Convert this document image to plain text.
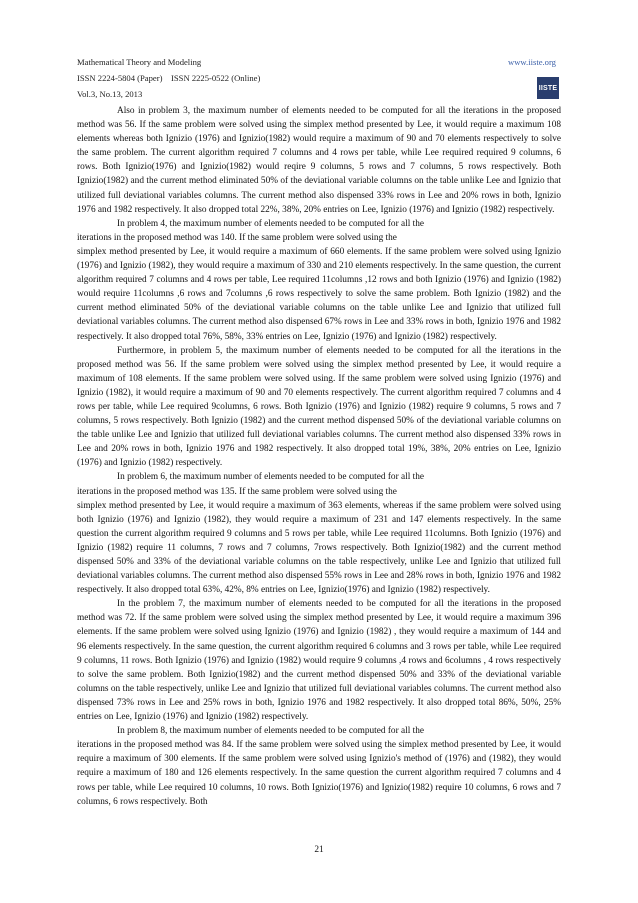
Mathematical Theory and Modeling
ISSN 2224-5804 (Paper)    ISSN 2225-0522 (Online)
Vol.3, No.13, 2013
www.iiste.org
IISTE

Also in problem 3, the maximum number of elements needed to be computed for all the iterations in the proposed method was 56. If the same problem were solved using the simplex method presented by Lee, it would require a maximum 108 elements whereas both Ignizio (1976) and Ignizio(1982) would require a maximum of 90 and 70 elements respectively to solve the same problem. The current algorithm required 7 columns and 4 rows per table, while Lee required required 9 columns, 6 rows. Both Ignizio(1976) and Ignizio(1982) would reqire 9 columns, 5 rows and 7 columns, 5 rows respectively. Both Ignizio(1982) and the current method eliminated 50% of the deviational variable columns on the table unlike Lee and Ignizio that utilized full deviational variables columns. The current method also dispensed 33% rows in Lee and 20% rows in both, Ignizio 1976 and 1982 respectively. It also dropped total 22%, 38%, 20% entries on Lee, Ignizio (1976) and Ignizio (1982) respectively.

In problem 4, the maximum number of elements needed to be computed for all the

iterations in the proposed method was 140. If the same problem were solved using the

simplex method presented by Lee, it would require a maximum of 660 elements. If the same problem were solved using Ignizio (1976) and Ignizio (1982), they would require a maximum of 330 and 210 elements respectively. In the same question, the current algorithm required 7 columns and 4 rows per table, Lee required 11columns ,12 rows and both Ignizio (1976) and Ignizio (1982) would require 11columns ,6 rows and 7columns ,6 rows respectively to solve the same problem. Both Ignizio (1982) and the current method eliminated 50% of the deviational variable columns on the table unlike Lee and Ignizio that utilized full deviational variables columns. The current method also dispensed 67% rows in Lee and 33% rows in both, Ignizio 1976 and 1982 respectively. It also dropped total 76%, 58%, 33% entries on Lee, Ignizio (1976) and Ignizio (1982) respectively.

Furthermore, in problem 5, the maximum number of elements needed to be computed for all the iterations in the proposed method was 56. If the same problem were solved using the simplex method presented by Lee, it would require a maximum of 108 elements. If the same problem were solved using. If the same problem were solved using Ignizio (1976) and Ignizio (1982), it would require a maximum of 90 and 70 elements respectively. The current algorithm required 7 columns and 4 rows per table, while Lee required 9columns, 6 rows. Both Ignizio (1976) and Ignizio (1982) require 9 columns, 5 rows and 7 columns, 5 rows respectively. Both Ignizio (1982) and the current method dispensed 50% of the deviational variable columns on the table unlike Lee and Ignizio that utilized full deviational variables columns. The current method also dispensed 33% rows in Lee and 20% rows in both, Ignizio 1976 and 1982 respectively. It also dropped total 19%, 38%, 20% entries on Lee, Ignizio (1976) and Ignizio (1982) respectively.

In problem 6, the maximum number of elements needed to be computed for all the

iterations in the proposed method was 135. If the same problem were solved using the

simplex method presented by Lee, it would require a maximum of 363 elements, whereas if the same problem were solved using both Ignizio (1976) and Ignizio (1982), they would require a maximum of 231 and 147 elements respectively. In the same question the current algorithm required 9 columns and 5 rows per table, while Lee required 11columns. Both Ignizio (1976) and Ignizio (1982) require 11 columns, 7 rows and 7 columns, 7rows respectively. Both Ignizio(1982) and the current method dispensed 50% and 33% of the deviational variable columns on the table respectively, unlike Lee and Ignizio that utilized full deviational variables columns. The current method also dispensed 55% rows in Lee and 28% rows in both, Ignizio 1976 and 1982 respectively. It also dropped total 63%, 42%, 8% entries on Lee, Ignizio(1976) and Ignizio (1982) respectively.

In the problem 7, the maximum number of elements needed to be computed for all the iterations in the proposed method was 72. If the same problem were solved using the simplex method presented by Lee, it would require a maximum 396 elements. If the same problem were solved using Ignizio (1976) and Ignizio (1982) , they would require a maximum of 144 and 96 elements respectively. In the same question, the current algorithm required 6 columns and 3 rows per table, while Lee required 9 columns, 11 rows. Both Ignizio (1976) and Ignizio (1982) would require 9 columns ,4 rows and 6columns , 4 rows respectively to solve the same problem. Both Ignizio(1982) and the current method dispensed 50% and 33% of the deviational variable columns on the table respectively, unlike Lee and Ignizio that utilized full deviational variables columns. The current method also dispensed 73% rows in Lee and 25% rows in both, Ignizio 1976 and 1982 respectively. It also dropped total 86%, 50%, 25% entries on Lee, Ignizio (1976) and Ignizio (1982) respectively.

In problem 8, the maximum number of elements needed to be computed for all the

iterations in the proposed method was 84. If the same problem were solved using the simplex method presented by Lee, it would require a maximum of 300 elements. If the same problem were solved using Ignizio's method of (1976) and (1982), they would require a maximum of 180 and 126 elements respectively. In the same question the current algorithm required 7 columns and 4 rows per table, while Lee required 10 columns, 10 rows. Both Ignizio(1976) and Ignizio(1982) require 10 columns, 6 rows and 7 columns, 6 rows respectively. Both

21
